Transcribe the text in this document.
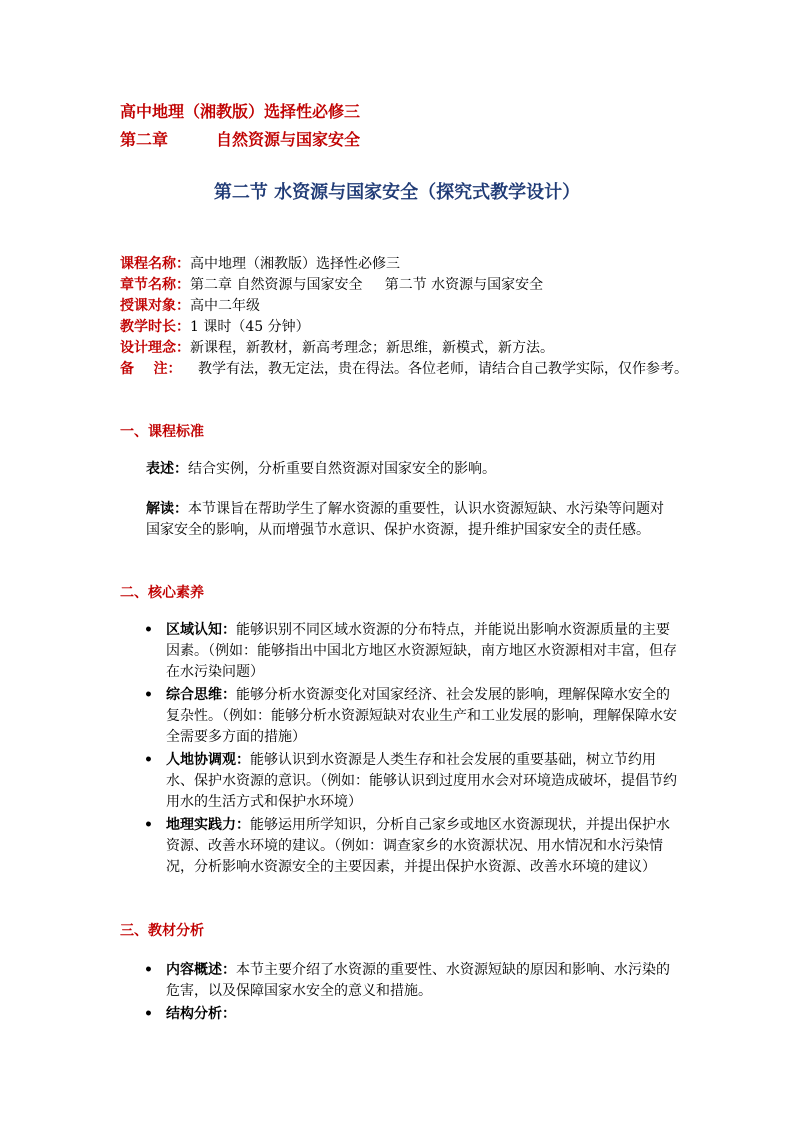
高中地理（湘教版）选择性必修三
第二章	自然资源与国家安全
第二节 水资源与国家安全（探究式教学设计）
课程名称： 高中地理（湘教版）选择性必修三
章节名称： 第二章 自然资源与国家安全     第二节 水资源与国家安全
授课对象： 高中二年级
教学时长： 1 课时（45 分钟）
设计理念： 新课程，新教材，新高考理念；新思维，新模式，新方法。
备    注：	教学有法，教无定法，贵在得法。各位老师，请结合自己教学实际，仅作参考。
一、课程标准
表述：结合实例，分析重要自然资源对国家安全的影响。
解读：本节课旨在帮助学生了解水资源的重要性，认识水资源短缺、水污染等问题对国家安全的影响，从而增强节水意识、保护水资源，提升维护国家安全的责任感。
二、核心素养
• 区域认知：能够识别不同区域水资源的分布特点，并能说出影响水资源质量的主要因素。（例如：能够指出中国北方地区水资源短缺，南方地区水资源相对丰富，但存在水污染问题）
• 综合思维：能够分析水资源变化对国家经济、社会发展的影响，理解保障水安全的复杂性。（例如：能够分析水资源短缺对农业生产和工业发展的影响，理解保障水安全需要多方面的措施）
• 人地协调观：能够认识到水资源是人类生存和社会发展的重要基础，树立节约用水、保护水资源的意识。（例如：能够认识到过度用水会对环境造成破坏，提倡节约用水的生活方式和保护水环境）
• 地理实践力：能够运用所学知识，分析自己家乡或地区水资源现状，并提出保护水资源、改善水环境的建议。（例如：调查家乡的水资源状况、用水情况和水污染情况，分析影响水资源安全的主要因素，并提出保护水资源、改善水环境的建议）
三、教材分析
• 内容概述：本节主要介绍了水资源的重要性、水资源短缺的原因和影响、水污染的危害，以及保障国家水安全的意义和措施。
• 结构分析：
